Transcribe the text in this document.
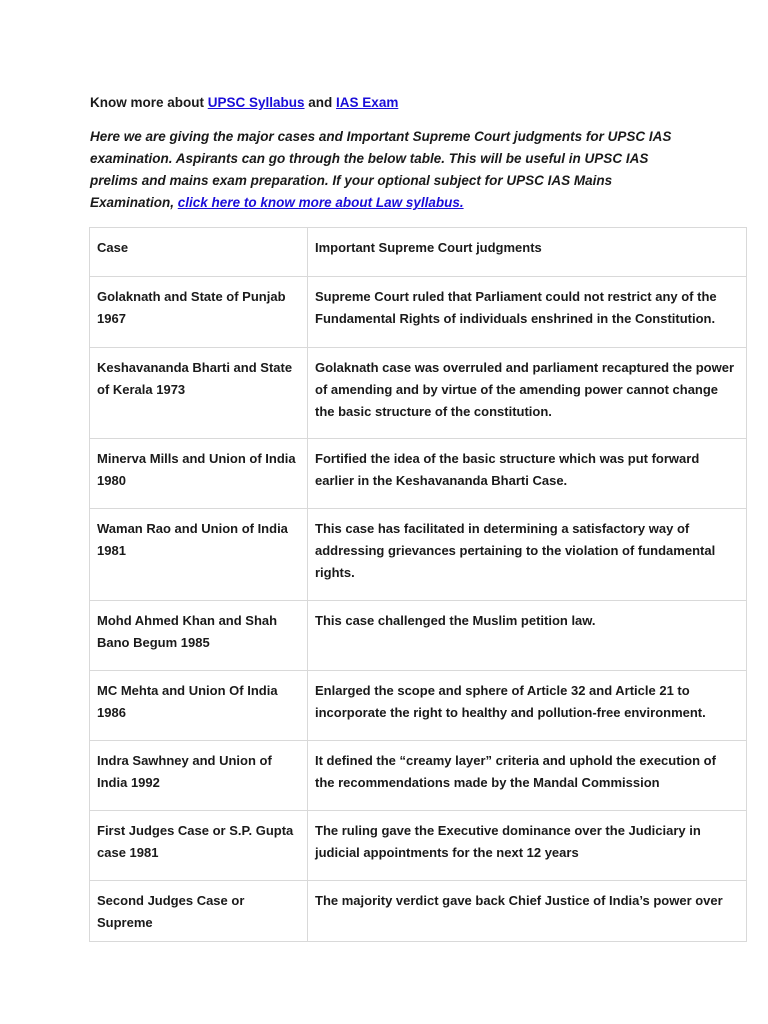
Know more about UPSC Syllabus and IAS Exam
Here we are giving the major cases and Important Supreme Court judgments for UPSC IAS examination. Aspirants can go through the below table. This will be useful in UPSC IAS prelims and mains exam preparation. If your optional subject for UPSC IAS Mains Examination, click here to know more about Law syllabus.
Case	Important Supreme Court judgments
Golaknath and State of Punjab 1967	Supreme Court ruled that Parliament could not restrict any of the Fundamental Rights of individuals enshrined in the Constitution.
Keshavananda Bharti and State of Kerala 1973	Golaknath case was overruled and parliament recaptured the power of amending and by virtue of the amending power cannot change the basic structure of the constitution.
Minerva Mills and Union of India 1980	Fortified the idea of the basic structure which was put forward earlier in the Keshavananda Bharti Case.
Waman Rao and Union of India 1981	This case has facilitated in determining a satisfactory way of addressing grievances pertaining to the violation of fundamental rights.
Mohd Ahmed Khan and Shah Bano Begum 1985	This case challenged the Muslim petition law.
MC Mehta and Union Of India 1986	Enlarged the scope and sphere of Article 32 and Article 21 to incorporate the right to healthy and pollution-free environment.
Indra Sawhney and Union of India 1992	It defined the “creamy layer” criteria and uphold the execution of the recommendations made by the Mandal Commission
First Judges Case or S.P. Gupta case 1981	The ruling gave the Executive dominance over the Judiciary in judicial appointments for the next 12 years
Second Judges Case or Supreme	The majority verdict gave back Chief Justice of India’s power over
